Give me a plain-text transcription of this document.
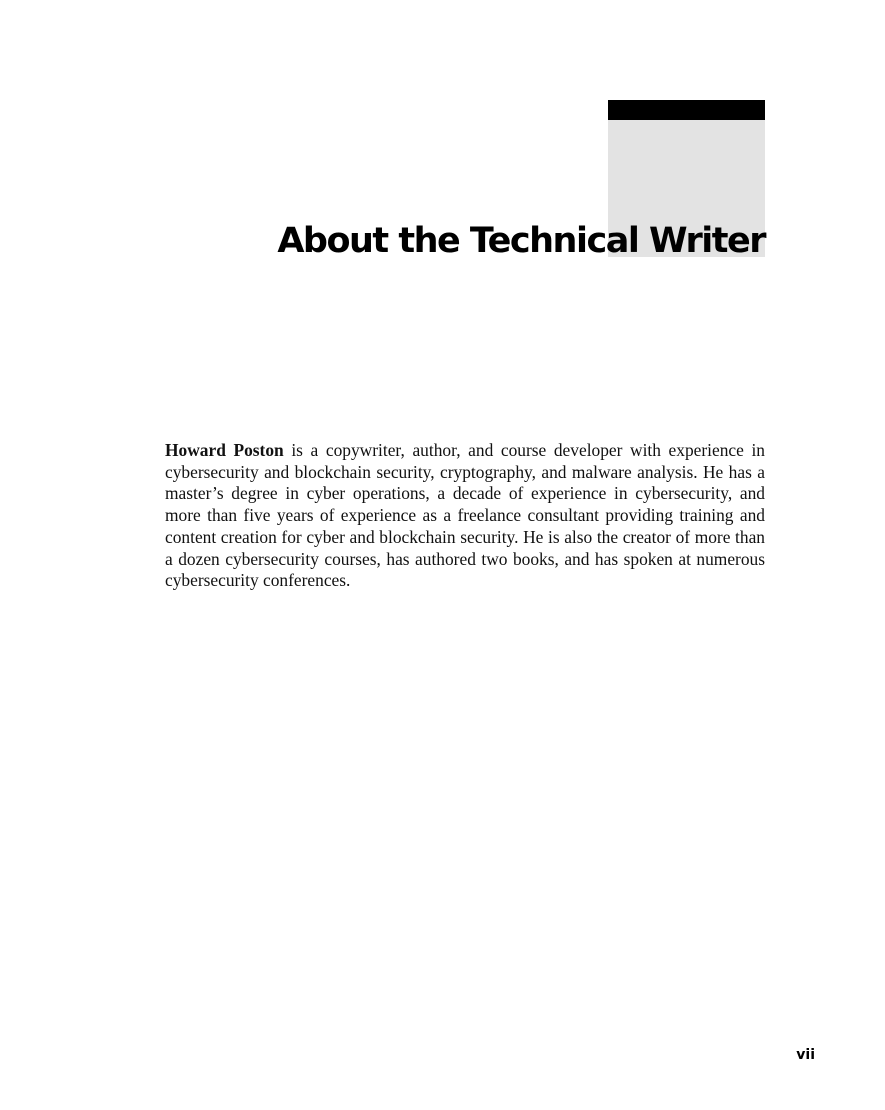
About the Technical Writer

Howard Poston is a copywriter, author, and course developer with experience in cybersecurity and blockchain security, cryptography, and malware analysis. He has a master’s degree in cyber operations, a decade of experience in cybersecurity, and more than five years of experience as a freelance consultant providing training and content creation for cyber and blockchain security. He is also the creator of more than a dozen cybersecurity courses, has authored two books, and has spoken at numerous cybersecurity conferences.

vii
